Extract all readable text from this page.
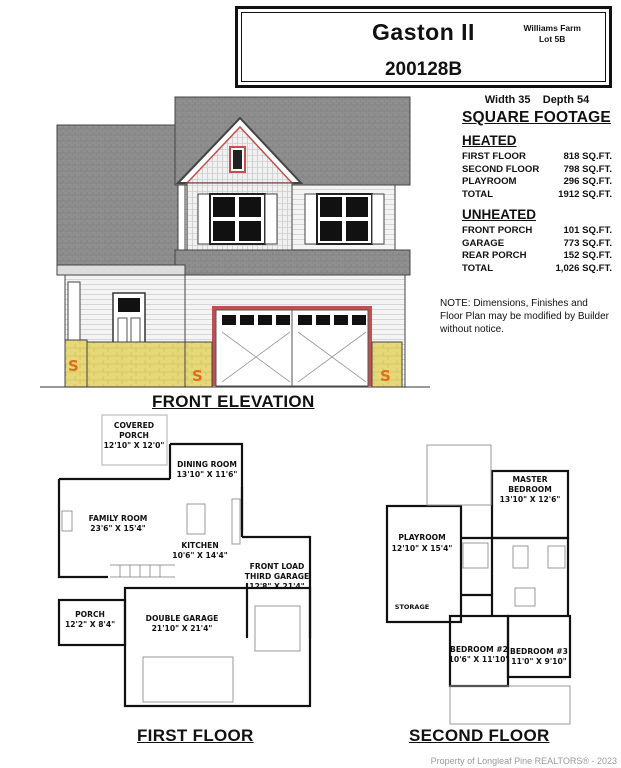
Gaston II
200128B
Williams Farm
Lot 5B
Width 35 Depth 54
SQUARE FOOTAGE
HEATED
FIRST FLOOR	818 SQ.FT.
SECOND FLOOR	798 SQ.FT.
PLAYROOM	296 SQ.FT.
TOTAL	1912 SQ.FT.
UNHEATED
FRONT PORCH	101 SQ.FT.
GARAGE	773 SQ.FT.
REAR PORCH	152 SQ.FT.
TOTAL	1,026 SQ.FT.
NOTE: Dimensions, Finishes and Floor Plan may be modified by Builder without notice.
S
S	S
FRONT ELEVATION
COVERED
PORCH
12'10" X 12'0"
DINING ROOM
13'10" X 11'6"
FAMILY ROOM
23'6" X 15'4"
KITCHEN
10'6" X 14'4"
FRONT LOAD
THIRD GARAGE
12'8" X 21'4"
PORCH
12'2" X 8'4"
DOUBLE GARAGE
21'10" X 21'4"
FIRST FLOOR
MASTER
BEDROOM
13'10" X 12'6"
PLAYROOM
12'10" X 15'4"
STORAGE
BEDROOM #2
10'6" X 11'10"
BEDROOM #3
11'0" X 9'10"
SECOND FLOOR
Property of Longleaf Pine REALTORS® - 2023
